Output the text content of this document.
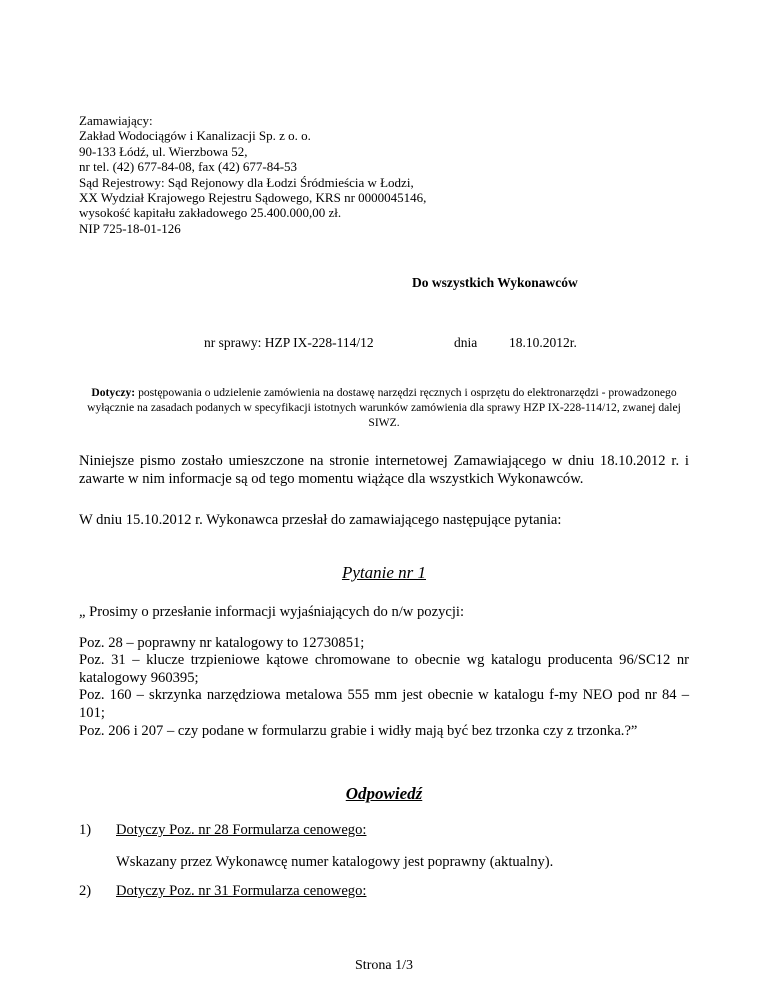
Zamawiający:
Zakład Wodociągów i Kanalizacji Sp. z o. o.
90-133 Łódź, ul. Wierzbowa 52,
nr tel. (42) 677-84-08, fax (42) 677-84-53
Sąd Rejestrowy: Sąd Rejonowy dla Łodzi Śródmieścia w Łodzi,
XX Wydział Krajowego Rejestru Sądowego, KRS nr 0000045146,
wysokość kapitału zakładowego 25.400.000,00 zł.
NIP 725-18-01-126
Do wszystkich Wykonawców
nr sprawy: HZP IX-228-114/12	dnia 18.10.2012r.
Dotyczy: postępowania o udzielenie zamówienia na dostawę narzędzi ręcznych i osprzętu do elektronarzędzi - prowadzonego wyłącznie na zasadach podanych w specyfikacji istotnych warunków zamówienia dla sprawy HZP IX-228-114/12, zwanej dalej SIWZ.
Niniejsze pismo zostało umieszczone na stronie internetowej Zamawiającego w dniu 18.10.2012 r. i zawarte w nim informacje są od tego momentu wiążące dla wszystkich Wykonawców.
W dniu 15.10.2012 r. Wykonawca przesłał do zamawiającego następujące pytania:
Pytanie nr 1
„ Prosimy o przesłanie informacji wyjaśniających do n/w pozycji:
Poz. 28 – poprawny nr katalogowy to 12730851;
Poz. 31 – klucze trzpieniowe kątowe chromowane to obecnie wg katalogu producenta 96/SC12 nr katalogowy 960395;
Poz. 160 – skrzynka narzędziowa metalowa 555 mm jest obecnie w katalogu f-my NEO pod nr 84 – 101;
Poz. 206 i 207 – czy podane w formularzu grabie i widły mają być bez trzonka czy z trzonka.?”
Odpowiedź
1) Dotyczy Poz. nr 28 Formularza cenowego:
Wskazany przez Wykonawcę numer katalogowy jest poprawny (aktualny).
2) Dotyczy Poz. nr 31 Formularza cenowego:
Strona 1/3
